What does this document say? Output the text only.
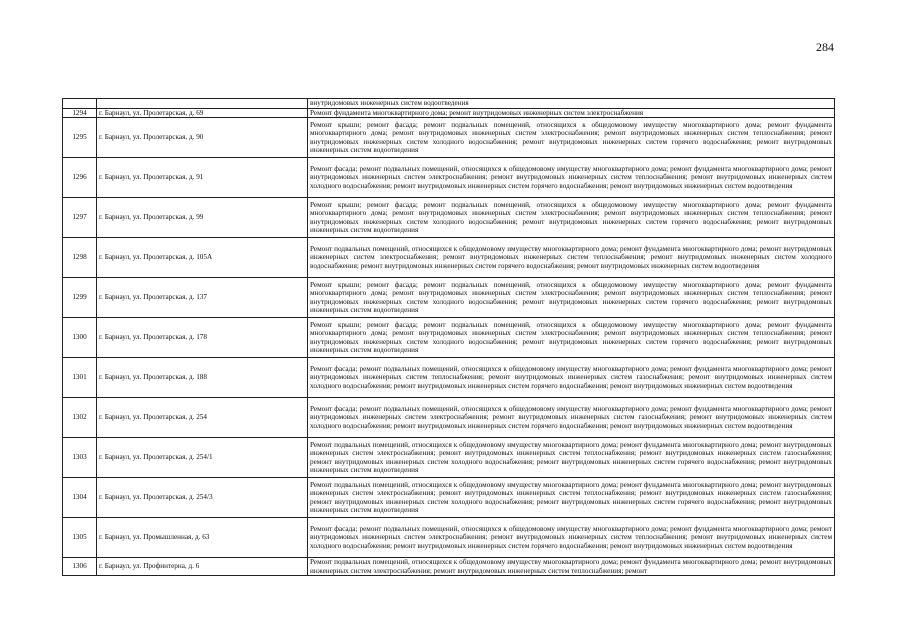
284
		внутридомовых инженерных систем водоотведения
1294	г. Барнаул, ул. Пролетарская, д. 69	Ремонт фундамента многоквартирного дома; ремонт внутридомовых инженерных систем электроснабжения
1295	г. Барнаул, ул. Пролетарская, д. 90	Ремонт крыши; ремонт фасада; ремонт подвальных помещений, относящихся к общедомовому имуществу многоквартирного дома; ремонт фундамента многоквартирного дома; ремонт внутридомовых инженерных систем электроснабжения; ремонт внутридомовых инженерных систем теплоснабжения; ремонт внутридомовых инженерных систем холодного водоснабжения; ремонт внутридомовых инженерных систем горячего водоснабжения; ремонт внутридомовых инженерных систем водоотведения
1296	г. Барнаул, ул. Пролетарская, д. 91	Ремонт фасада; ремонт подвальных помещений, относящихся к общедомовому имуществу многоквартирного дома; ремонт фундамента многоквартирного дома; ремонт внутридомовых инженерных систем электроснабжения; ремонт внутридомовых инженерных систем теплоснабжения; ремонт внутридомовых инженерных систем холодного водоснабжения; ремонт внутридомовых инженерных систем горячего водоснабжения; ремонт внутридомовых инженерных систем водоотведения
1297	г. Барнаул, ул. Пролетарская, д. 99	Ремонт крыши; ремонт фасада; ремонт подвальных помещений, относящихся к общедомовому имуществу многоквартирного дома; ремонт фундамента многоквартирного дома; ремонт внутридомовых инженерных систем электроснабжения; ремонт внутридомовых инженерных систем теплоснабжения; ремонт внутридомовых инженерных систем холодного водоснабжения; ремонт внутридомовых инженерных систем горячего водоснабжения; ремонт внутридомовых инженерных систем водоотведения
1298	г. Барнаул, ул. Пролетарская, д. 105А	Ремонт подвальных помещений, относящихся к общедомовому имуществу многоквартирного дома; ремонт фундамента многоквартирного дома; ремонт внутридомовых инженерных систем электроснабжения; ремонт внутридомовых инженерных систем теплоснабжения; ремонт внутридомовых инженерных систем холодного водоснабжения; ремонт внутридомовых инженерных систем горячего водоснабжения; ремонт внутридомовых инженерных систем водоотведения
1299	г. Барнаул, ул. Пролетарская, д. 137	Ремонт крыши; ремонт фасада; ремонт подвальных помещений, относящихся к общедомовому имуществу многоквартирного дома; ремонт фундамента многоквартирного дома; ремонт внутридомовых инженерных систем электроснабжения; ремонт внутридомовых инженерных систем теплоснабжения; ремонт внутридомовых инженерных систем холодного водоснабжения; ремонт внутридомовых инженерных систем горячего водоснабжения; ремонт внутридомовых инженерных систем водоотведения
1300	г. Барнаул, ул. Пролетарская, д. 178	Ремонт крыши; ремонт фасада; ремонт подвальных помещений, относящихся к общедомовому имуществу многоквартирного дома; ремонт фундамента многоквартирного дома; ремонт внутридомовых инженерных систем электроснабжения; ремонт внутридомовых инженерных систем теплоснабжения; ремонт внутридомовых инженерных систем холодного водоснабжения; ремонт внутридомовых инженерных систем горячего водоснабжения; ремонт внутридомовых инженерных систем водоотведения
1301	г. Барнаул, ул. Пролетарская, д. 188	Ремонт фасада; ремонт подвальных помещений, относящихся к общедомовому имуществу многоквартирного дома; ремонт фундамента многоквартирного дома; ремонт внутридомовых инженерных систем теплоснабжения; ремонт внутридомовых инженерных систем газоснабжения; ремонт внутридомовых инженерных систем холодного водоснабжения; ремонт внутридомовых инженерных систем горячего водоснабжения; ремонт внутридомовых инженерных систем водоотведения
1302	г. Барнаул, ул. Пролетарская, д. 254	Ремонт фасада; ремонт подвальных помещений, относящихся к общедомовому имуществу многоквартирного дома; ремонт фундамента многоквартирного дома; ремонт внутридомовых инженерных систем электроснабжения; ремонт внутридомовых инженерных систем газоснабжения; ремонт внутридомовых инженерных систем холодного водоснабжения; ремонт внутридомовых инженерных систем горячего водоснабжения; ремонт внутридомовых инженерных систем водоотведения
1303	г. Барнаул, ул. Пролетарская, д. 254/1	Ремонт подвальных помещений, относящихся к общедомовому имуществу многоквартирного дома; ремонт фундамента многоквартирного дома; ремонт внутридомовых инженерных систем электроснабжения; ремонт внутридомовых инженерных систем теплоснабжения; ремонт внутридомовых инженерных систем газоснабжения; ремонт внутридомовых инженерных систем холодного водоснабжения; ремонт внутридомовых инженерных систем горячего водоснабжения; ремонт внутридомовых инженерных систем водоотведения
1304	г. Барнаул, ул. Пролетарская, д. 254/3	Ремонт подвальных помещений, относящихся к общедомовому имуществу многоквартирного дома; ремонт фундамента многоквартирного дома; ремонт внутридомовых инженерных систем электроснабжения; ремонт внутридомовых инженерных систем теплоснабжения; ремонт внутридомовых инженерных систем газоснабжения; ремонт внутридомовых инженерных систем холодного водоснабжения; ремонт внутридомовых инженерных систем горячего водоснабжения; ремонт внутридомовых инженерных систем водоотведения
1305	г. Барнаул, ул. Промышленная, д. 63	Ремонт фасада; ремонт подвальных помещений, относящихся к общедомовому имуществу многоквартирного дома; ремонт фундамента многоквартирного дома; ремонт внутридомовых инженерных систем электроснабжения; ремонт внутридомовых инженерных систем теплоснабжения; ремонт внутридомовых инженерных систем холодного водоснабжения; ремонт внутридомовых инженерных систем горячего водоснабжения; ремонт внутридомовых инженерных систем водоотведения
1306	г. Барнаул, ул. Профинтерна, д. 6	Ремонт подвальных помещений, относящихся к общедомовому имуществу многоквартирного дома; ремонт фундамента многоквартирного дома; ремонт внутридомовых инженерных систем электроснабжения; ремонт внутридомовых инженерных систем теплоснабжения; ремонт
